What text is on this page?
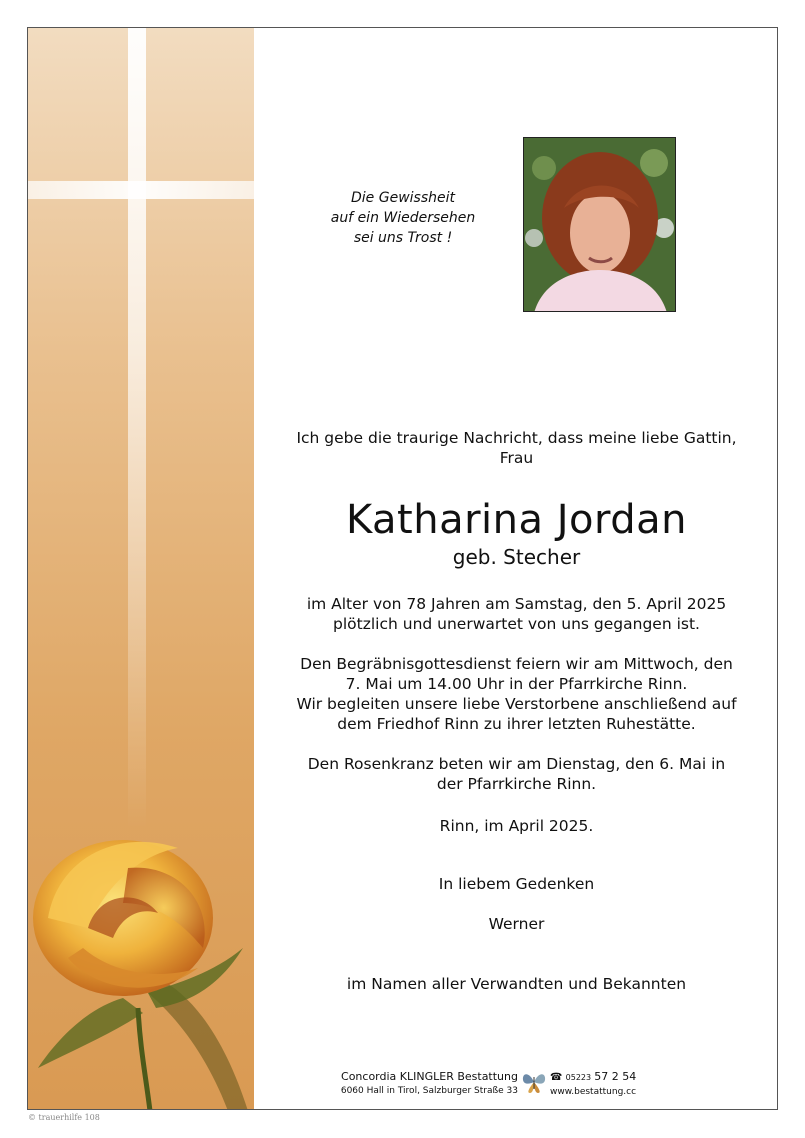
Die Gewissheit
auf ein Wiedersehen
sei uns Trost !
Ich gebe die traurige Nachricht, dass meine liebe Gattin,
Frau
Katharina Jordan
geb. Stecher
im Alter von 78 Jahren am Samstag, den 5. April 2025
plötzlich und unerwartet von uns gegangen ist.
Den Begräbnisgottesdienst feiern wir am Mittwoch, den
7. Mai um 14.00 Uhr in der Pfarrkirche Rinn.
Wir begleiten unsere liebe Verstorbene anschließend auf
dem Friedhof Rinn zu ihrer letzten Ruhestätte.
Den Rosenkranz beten wir am Dienstag, den 6. Mai in
der Pfarrkirche Rinn.
Rinn, im April 2025.
In liebem Gedenken
Werner
im Namen aller Verwandten und Bekannten
Concordia KLINGLER Bestattung
6060 Hall in Tirol, Salzburger Straße 33
☎ 05223 57 2 54
www.bestattung.cc
© trauerhilfe 108
